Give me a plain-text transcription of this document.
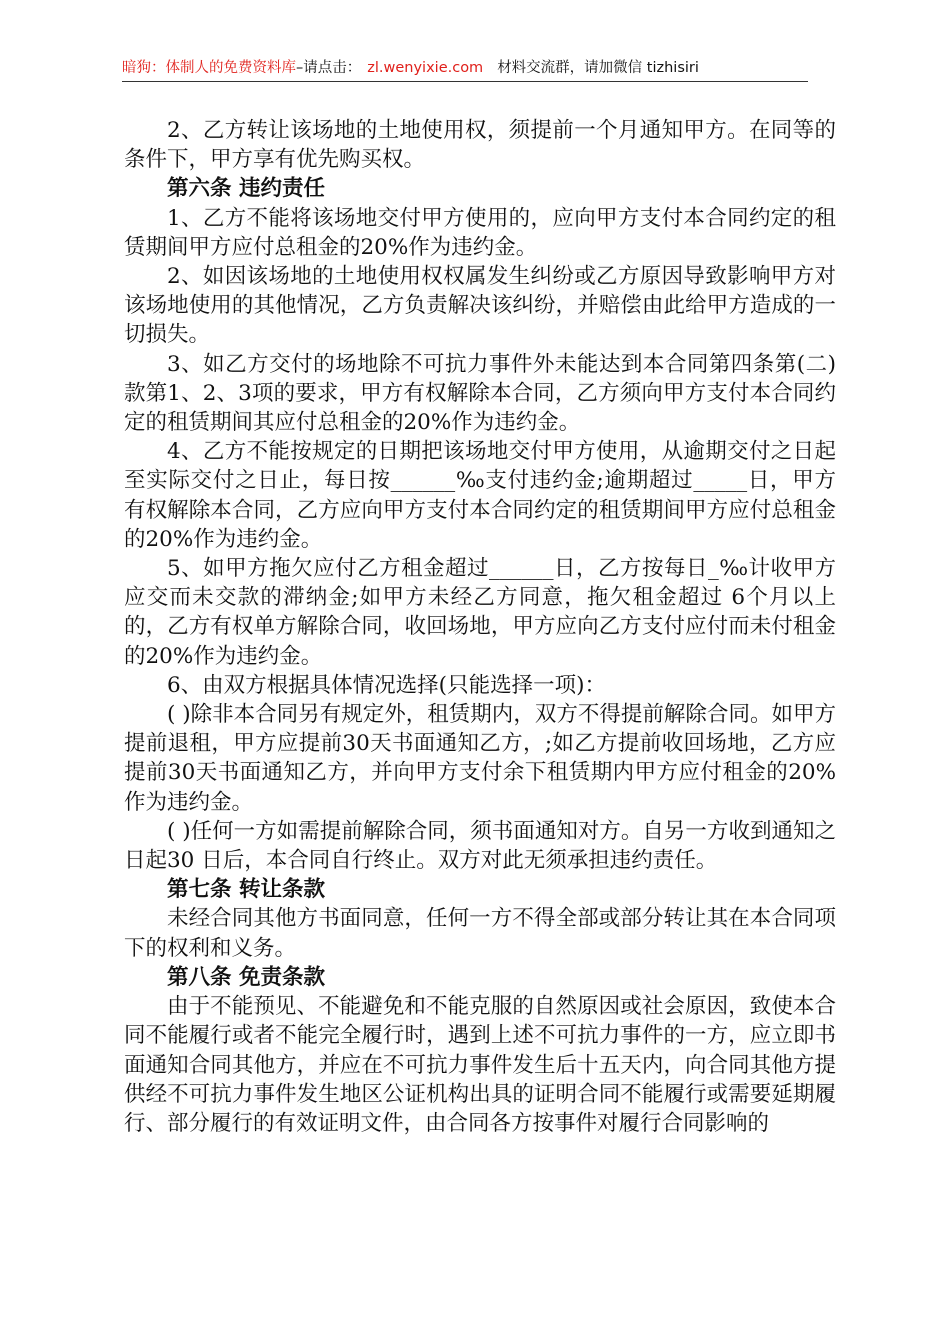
暗狗：体制人的免费资料库–请点击： zl.wenyixie.com 材料交流群，请加微信 tizhisiri

2、乙方转让该场地的土地使用权，须提前一个月通知甲方。在同等的条件下，甲方享有优先购买权。

第六条 违约责任

1、乙方不能将该场地交付甲方使用的，应向甲方支付本合同约定的租赁期间甲方应付总租金的20%作为违约金。

2、如因该场地的土地使用权权属发生纠纷或乙方原因导致影响甲方对该场地使用的其他情况，乙方负责解决该纠纷，并赔偿由此给甲方造成的一切损失。

3、如乙方交付的场地除不可抗力事件外未能达到本合同第四条第(二)款第1、2、3项的要求，甲方有权解除本合同，乙方须向甲方支付本合同约定的租赁期间其应付总租金的20%作为违约金。

4、乙方不能按规定的日期把该场地交付甲方使用，从逾期交付之日起至实际交付之日止，每日按______‰支付违约金;逾期超过_____日，甲方有权解除本合同，乙方应向甲方支付本合同约定的租赁期间甲方应付总租金的20%作为违约金。

5、如甲方拖欠应付乙方租金超过______日，乙方按每日_‰计收甲方应交而未交款的滞纳金;如甲方未经乙方同意，拖欠租金超过 6个月以上的，乙方有权单方解除合同，收回场地，甲方应向乙方支付应付而未付租金的20%作为违约金。

6、由双方根据具体情况选择(只能选择一项)：

( )除非本合同另有规定外，租赁期内，双方不得提前解除合同。如甲方提前退租，甲方应提前30天书面通知乙方，;如乙方提前收回场地，乙方应提前30天书面通知乙方，并向甲方支付余下租赁期内甲方应付租金的20%作为违约金。

( )任何一方如需提前解除合同，须书面通知对方。自另一方收到通知之日起30 日后，本合同自行终止。双方对此无须承担违约责任。

第七条 转让条款

未经合同其他方书面同意，任何一方不得全部或部分转让其在本合同项下的权利和义务。

第八条 免责条款

由于不能预见、不能避免和不能克服的自然原因或社会原因，致使本合同不能履行或者不能完全履行时，遇到上述不可抗力事件的一方，应立即书面通知合同其他方，并应在不可抗力事件发生后十五天内，向合同其他方提供经不可抗力事件发生地区公证机构出具的证明合同不能履行或需要延期履行、部分履行的有效证明文件，由合同各方按事件对履行合同影响的
